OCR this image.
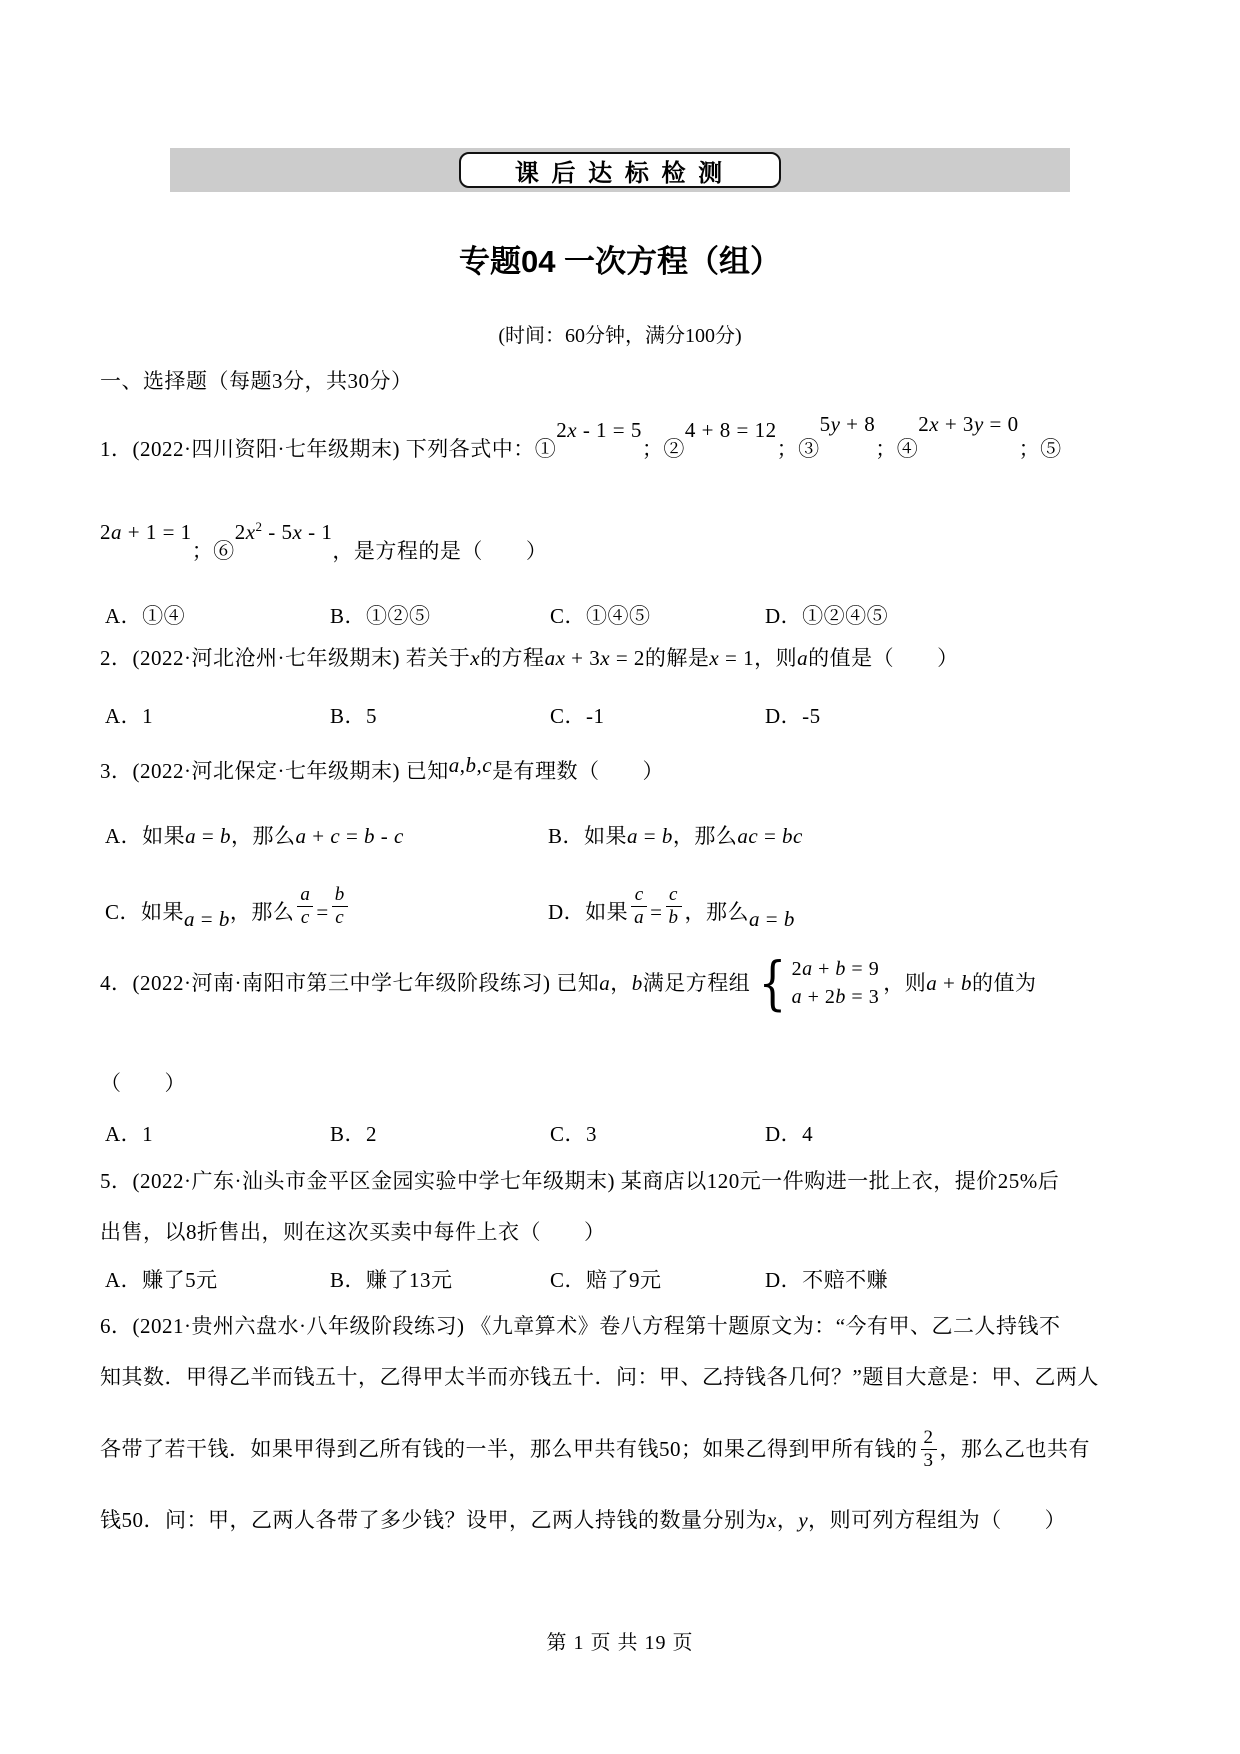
课 后 达 标 检 测
专题04 一次方程（组）
(时间：60分钟，满分100分)
一、选择题（每题3分，共30分）
1．(2022·四川资阳·七年级期末) 下列各式中：①2x - 1 = 5；②4 + 8 = 12；③5y + 8；④2x + 3y = 0；⑤
2a + 1 = 1；$⑥2x^2 - 5x - 1$，是方程的是（　　）
A．①④	B．①②⑤	C．①④⑤	D．①②④⑤
2．(2022·河北沧州·七年级期末) 若关于x的方程ax + 3x = 2的解是x = 1，则a的值是（　　）
A．1	B．5	C．-1	D．-5
3．(2022·河北保定·七年级期末) 已知a,b,c是有理数（　　）
A．如果a = b，那么a + c = b - c	B．如果a = b，那么ac = bc
C．如果a = b，那么 $\frac{a}{c} = \frac{b}{c}$	D．如果 $\frac{c}{a} = \frac{c}{b}$ ，那么a = b
4．(2022·河南·南阳市第三中学七年级阶段练习) 已知a，b满足方程组 { 2a + b = 9
a + 2b = 3
，则a + b的值为
（　　）
A．1	B．2	C．3	D．4
5．(2022·广东·汕头市金平区金园实验中学七年级期末) 某商店以120元一件购进一批上衣，提价25%后
出售，以8折售出，则在这次买卖中每件上衣（　　）
A．赚了5元	B．赚了13元	C．赔了9元	D．不赔不赚
6．(2021·贵州六盘水·八年级阶段练习) 《九章算术》卷八方程第十题原文为：“今有甲、乙二人持钱不
知其数．甲得乙半而钱五十，乙得甲太半而亦钱五十．问：甲、乙持钱各几何？”题目大意是：甲、乙两人
各带了若干钱．如果甲得到乙所有钱的一半，那么甲共有钱50；如果乙得到甲所有钱的 $\frac{2}{3}$ ，那么乙也共有
钱50．问：甲，乙两人各带了多少钱？设甲，乙两人持钱的数量分别为x，y，则可列方程组为（　　）
第 1 页 共 19 页
